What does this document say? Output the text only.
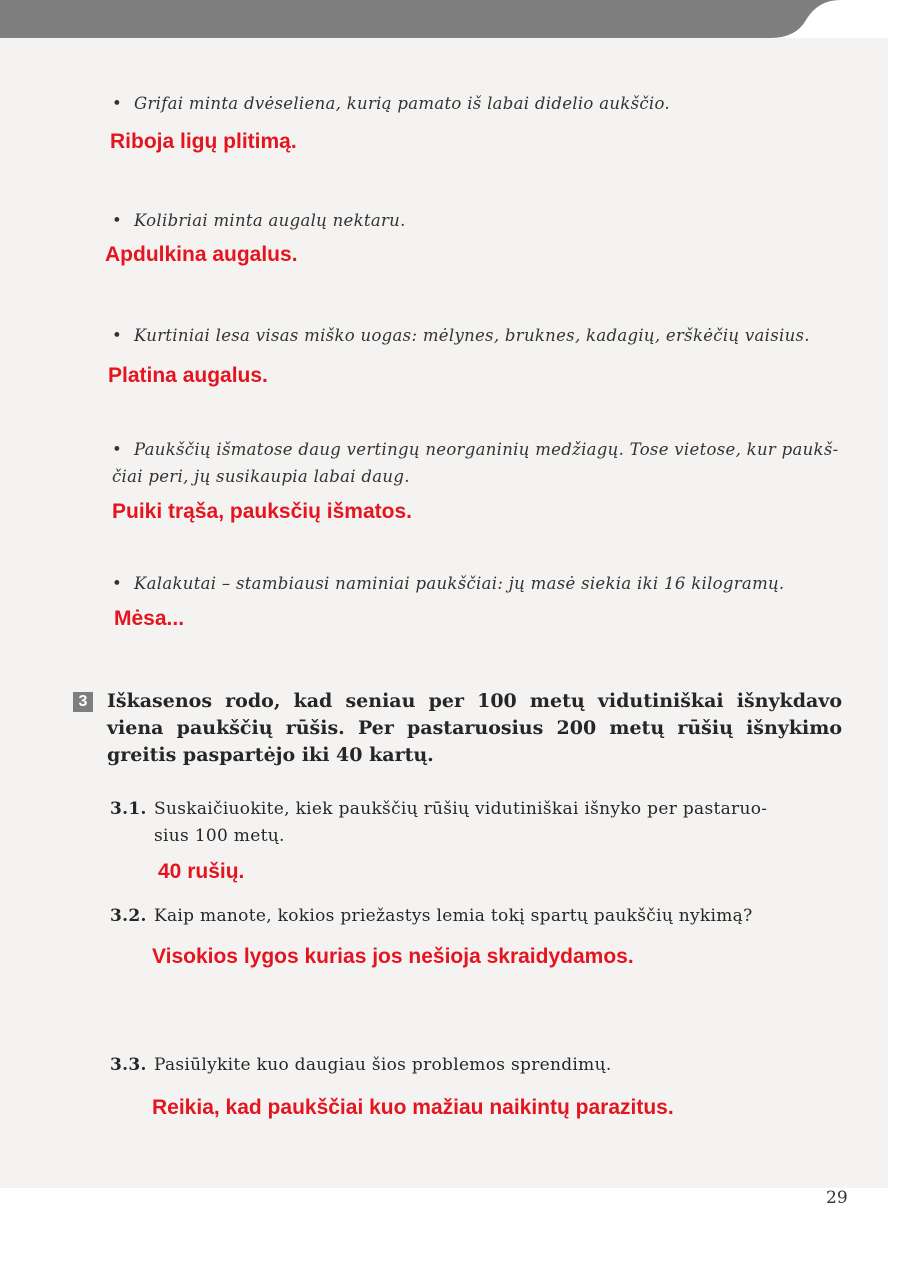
• Grifai minta dvėseliena, kurią pamato iš labai didelio aukščio.
Riboja ligų plitimą.
• Kolibriai minta augalų nektaru.
Apdulkina augalus.
• Kurtiniai lesa visas miško uogas: mėlynes, bruknes, kadagių, erškėčių vaisius.
Platina augalus.
• Paukščių išmatose daug vertingų neorganinių medžiagų. Tose vietose, kur paukš-
čiai peri, jų susikaupia labai daug.
Puiki trąša, pauksčių išmatos.
• Kalakutai – stambiausi naminiai paukščiai: jų masė siekia iki 16 kilogramų.
Mėsa...
3 Iškasenos rodo, kad seniau per 100 metų vidutiniškai išnykdavo viena paukščių rūšis. Per pastaruosius 200 metų rūšių išnykimo greitis paspartėjo iki 40 kartų.
3.1. Suskaičiuokite, kiek paukščių rūšių vidutiniškai išnyko per pastaruo-
sius 100 metų.
40 rušių.
3.2. Kaip manote, kokios priežastys lemia tokį spartų paukščių nykimą?
Visokios lygos kurias jos nešioja skraidydamos.
3.3. Pasiūlykite kuo daugiau šios problemos sprendimų.
Reikia, kad paukščiai kuo mažiau naikintų parazitus.
29
